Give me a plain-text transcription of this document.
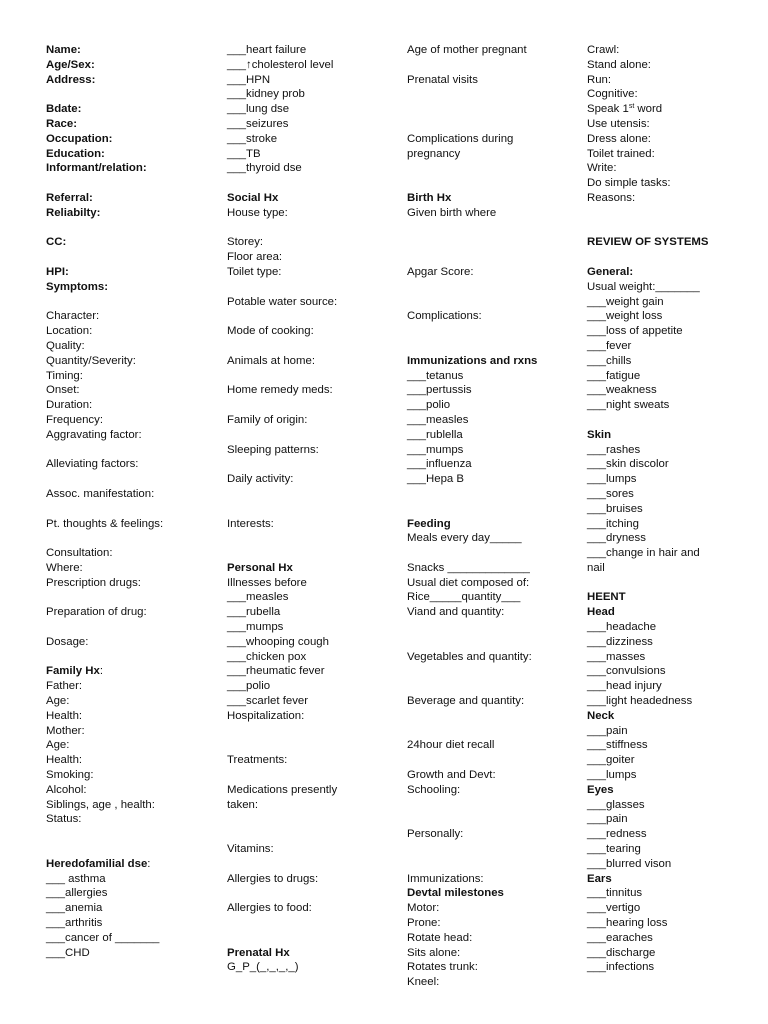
Name:
Age/Sex:
Address:
Bdate:
Race:
Occupation:
Education:
Informant/relation:
Referral:
Reliabilty:
CC:
HPI:
Symptoms:
Character:
Location:
Quality:
Quantity/Severity:
Timing:
Onset:
Duration:
Frequency:
Aggravating factor:
Alleviating factors:
Assoc. manifestation:
Pt. thoughts & feelings:
Consultation:
Where:
Prescription drugs:
Preparation of drug:
Dosage:
Family Hx:
Father:
Age:
Health:
Mother:
Age:
Health:
Smoking:
Alcohol:
Siblings, age , health:
Status:
Heredofamilial dse:
___ asthma
___allergies
___anemia
___arthritis
___cancer of _______
___CHD
___heart failure
___↑cholesterol level
___HPN
___kidney prob
___lung dse
___seizures
___stroke
___TB
___thyroid dse
Social Hx
House type:
Storey:
Floor area:
Toilet type:
Potable water source:
Mode of cooking:
Animals at home:
Home remedy meds:
Family of origin:
Sleeping patterns:
Daily activity:
Interests:
Personal Hx
Illnesses before
___measles
___rubella
___mumps
___whooping cough
___chicken pox
___rheumatic fever
___polio
___scarlet fever
Hospitalization:
Treatments:
Medications presently
taken:
Vitamins:
Allergies to drugs:
Allergies to food:
Prenatal Hx
G_P_(_,_,_,_)
Age of mother pregnant
Prenatal visits
Complications during
pregnancy
Birth Hx
Given birth where
Apgar Score:
Complications:
Immunizations and rxns
___tetanus
___pertussis
___polio
___measles
___rublella
___mumps
___influenza
___Hepa B
Feeding
Meals every day_____
Snacks _____________
Usual diet composed of:
Rice_____quantity___
Viand and quantity:
Vegetables and quantity:
Beverage and quantity:
24hour diet recall
Growth and Devt:
Schooling:
Personally:
Immunizations:
Devtal milestones
Motor:
Prone:
Rotate head:
Sits alone:
Rotates trunk:
Kneel:
Crawl:
Stand alone:
Run:
Cognitive:
Speak 1st word
Use utensis:
Dress alone:
Toilet trained:
Write:
Do simple tasks:
Reasons:
REVIEW OF SYSTEMS
General:
Usual weight:_______
___weight gain
___weight loss
___loss of appetite
___fever
___chills
___fatigue
___weakness
___night sweats
Skin
___rashes
___skin discolor
___lumps
___sores
___bruises
___itching
___dryness
___change in hair and
nail
HEENT
Head
___headache
___dizziness
___masses
___convulsions
___head injury
___light headedness
Neck
___pain
___stiffness
___goiter
___lumps
Eyes
___glasses
___pain
___redness
___tearing
___blurred vison
Ears
___tinnitus
___vertigo
___hearing loss
___earaches
___discharge
___infections
